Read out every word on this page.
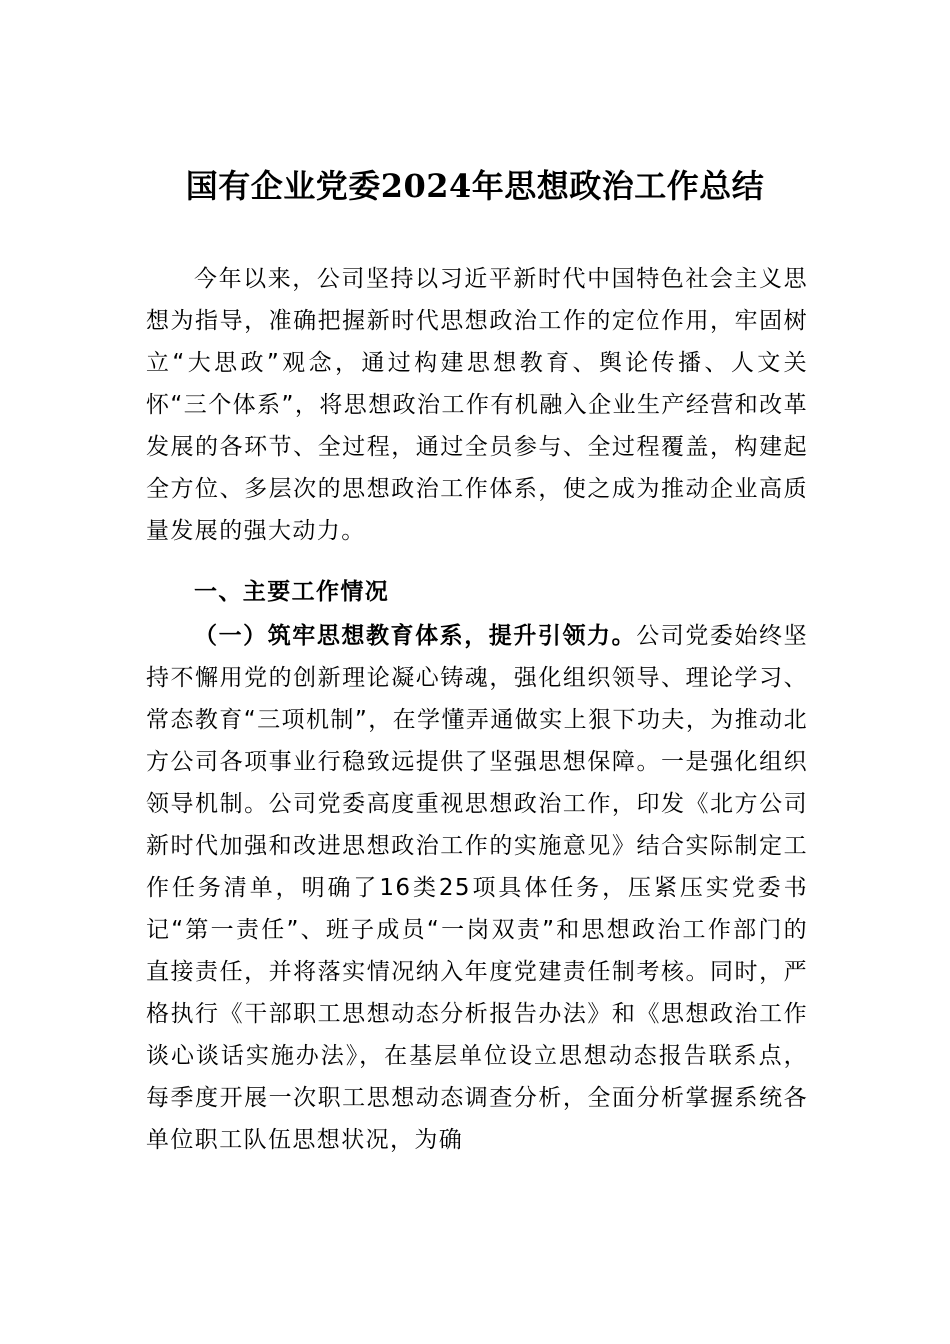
国有企业党委2024年思想政治工作总结
今年以来，公司坚持以习近平新时代中国特色社会主义思想为指导，准确把握新时代思想政治工作的定位作用，牢固树立“大思政”观念，通过构建思想教育、舆论传播、人文关怀“三个体系”，将思想政治工作有机融入企业生产经营和改革发展的各环节、全过程，通过全员参与、全过程覆盖，构建起全方位、多层次的思想政治工作体系，使之成为推动企业高质量发展的强大动力。
一、主要工作情况
（一）筑牢思想教育体系，提升引领力。公司党委始终坚持不懈用党的创新理论凝心铸魂，强化组织领导、理论学习、常态教育“三项机制”，在学懂弄通做实上狠下功夫，为推动北方公司各项事业行稳致远提供了坚强思想保障。一是强化组织领导机制。公司党委高度重视思想政治工作，印发《北方公司新时代加强和改进思想政治工作的实施意见》结合实际制定工作任务清单，明确了16类25项具体任务，压紧压实党委书记“第一责任”、班子成员“一岗双责”和思想政治工作部门的直接责任，并将落实情况纳入年度党建责任制考核。同时，严格执行《干部职工思想动态分析报告办法》和《思想政治工作谈心谈话实施办法》，在基层单位设立思想动态报告联系点，每季度开展一次职工思想动态调查分析，全面分析掌握系统各单位职工队伍思想状况，为确
